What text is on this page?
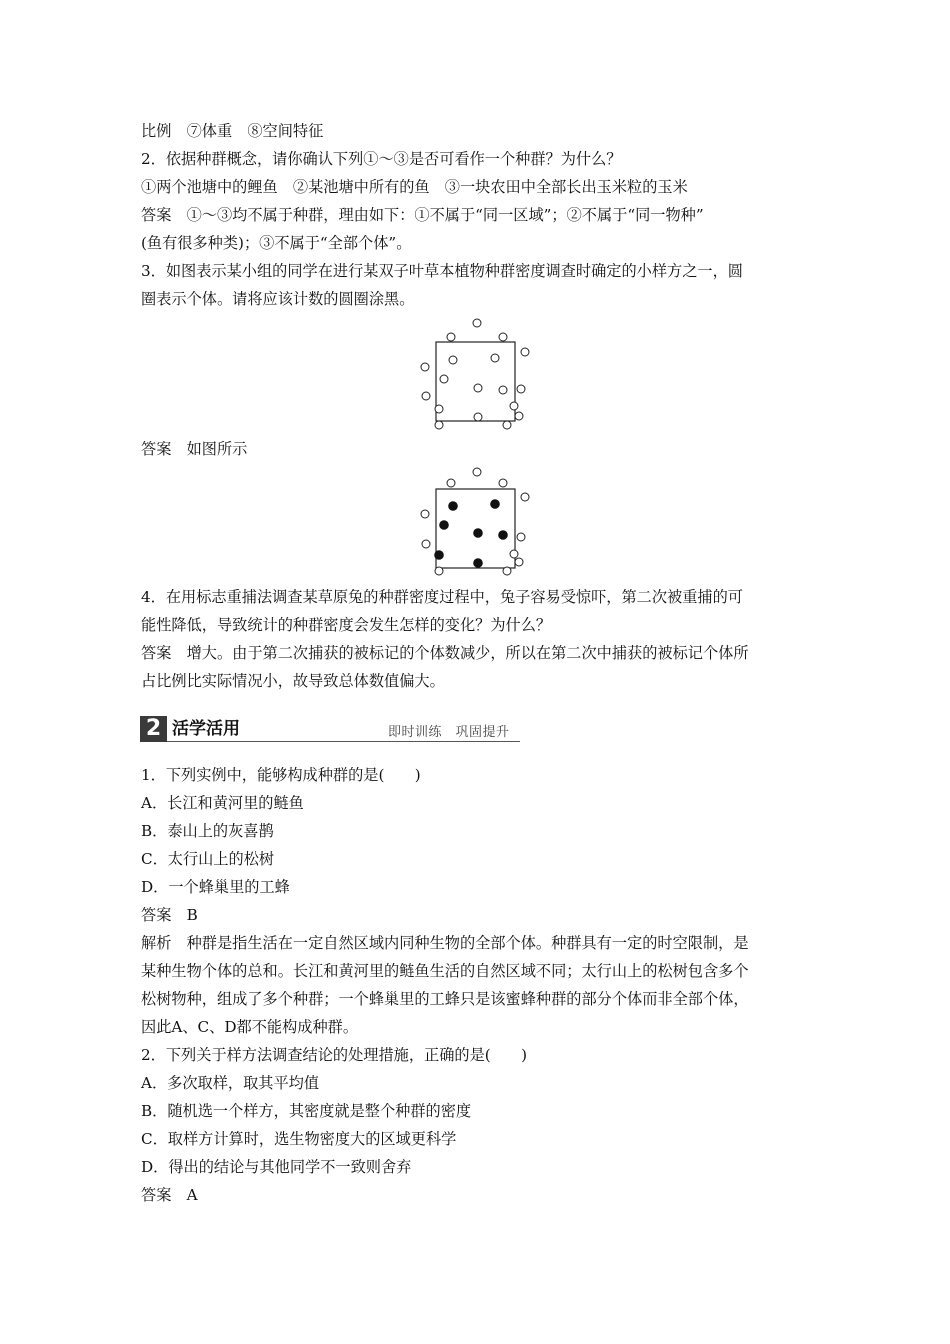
比例　⑦体重　⑧空间特征
2．依据种群概念，请你确认下列①～③是否可看作一个种群？为什么？
①两个池塘中的鲤鱼　②某池塘中所有的鱼　③一块农田中全部长出玉米粒的玉米
答案　①～③均不属于种群，理由如下：①不属于“同一区域”；②不属于“同一物种”
(鱼有很多种类)；③不属于“全部个体”。
3．如图表示某小组的同学在进行某双子叶草本植物种群密度调查时确定的小样方之一，圆
圈表示个体。请将应该计数的圆圈涂黑。
答案　如图所示
4．在用标志重捕法调查某草原兔的种群密度过程中，兔子容易受惊吓，第二次被重捕的可
能性降低，导致统计的种群密度会发生怎样的变化？为什么？
答案　增大。由于第二次捕获的被标记的个体数减少，所以在第二次中捕获的被标记个体所
占比例比实际情况小，故导致总体数值偏大。
2 活学活用	即时训练　巩固提升
1．下列实例中，能够构成种群的是(　　)
A．长江和黄河里的鲢鱼
B．泰山上的灰喜鹊
C．太行山上的松树
D．一个蜂巢里的工蜂
答案　B
解析　种群是指生活在一定自然区域内同种生物的全部个体。种群具有一定的时空限制，是
某种生物个体的总和。长江和黄河里的鲢鱼生活的自然区域不同；太行山上的松树包含多个
松树物种，组成了多个种群；一个蜂巢里的工蜂只是该蜜蜂种群的部分个体而非全部个体，
因此A、C、D都不能构成种群。
2．下列关于样方法调查结论的处理措施，正确的是(　　)
A．多次取样，取其平均值
B．随机选一个样方，其密度就是整个种群的密度
C．取样方计算时，选生物密度大的区域更科学
D．得出的结论与其他同学不一致则舍弃
答案　A
